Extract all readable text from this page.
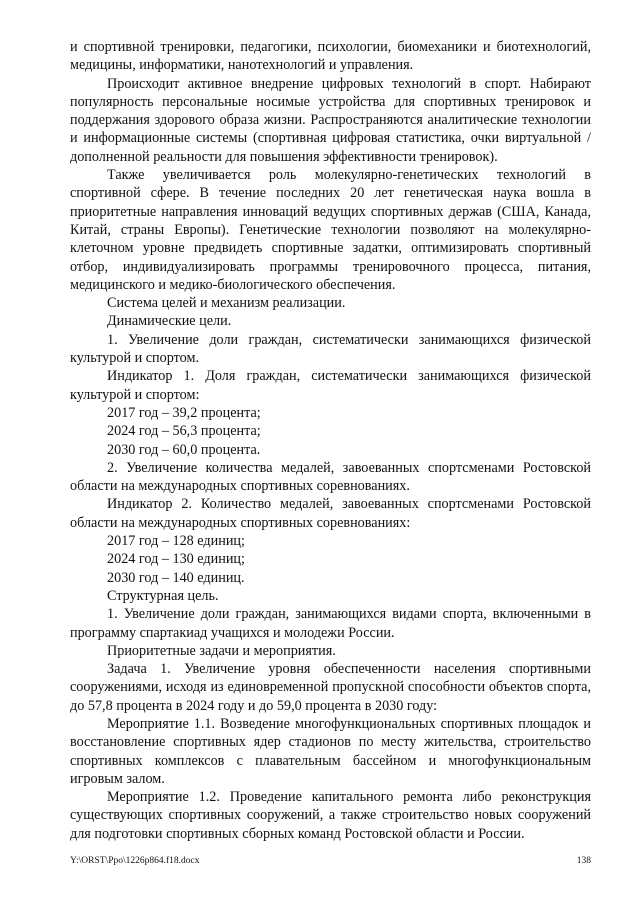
и спортивной тренировки, педагогики, психологии, биомеханики и биотехнологий, медицины, информатики, нанотехнологий и управления.

Происходит активное внедрение цифровых технологий в спорт. Набирают популярность персональные носимые устройства для спортивных тренировок и поддержания здорового образа жизни. Распространяются аналитические технологии и информационные системы (спортивная цифровая статистика, очки виртуальной / дополненной реальности для повышения эффективности тренировок).

Также увеличивается роль молекулярно-генетических технологий в спортивной сфере. В течение последних 20 лет генетическая наука вошла в приоритетные направления инноваций ведущих спортивных держав (США, Канада, Китай, страны Европы). Генетические технологии позволяют на молекулярно-клеточном уровне предвидеть спортивные задатки, оптимизировать спортивный отбор, индивидуализировать программы тренировочного процесса, питания, медицинского и медико-биологического обеспечения.

Система целей и механизм реализации.

Динамические цели.

1. Увеличение доли граждан, систематически занимающихся физической культурой и спортом.

Индикатор 1. Доля граждан, систематически занимающихся физической культурой и спортом:

2017 год – 39,2 процента;

2024 год – 56,3 процента;

2030 год – 60,0 процента.

2. Увеличение количества медалей, завоеванных спортсменами Ростовской области на международных спортивных соревнованиях.

Индикатор 2. Количество медалей, завоеванных спортсменами Ростовской области на международных спортивных соревнованиях:

2017 год – 128 единиц;

2024 год – 130 единиц;

2030 год – 140 единиц.

Структурная цель.

1. Увеличение доли граждан, занимающихся видами спорта, включенными в программу спартакиад учащихся и молодежи России.

Приоритетные задачи и мероприятия.

Задача 1. Увеличение уровня обеспеченности населения спортивными сооружениями, исходя из единовременной пропускной способности объектов спорта, до 57,8 процента в 2024 году и до 59,0 процента в 2030 году:

Мероприятие 1.1. Возведение многофункциональных спортивных площадок и восстановление спортивных ядер стадионов по месту жительства, строительство спортивных комплексов с плавательным бассейном и многофункциональным игровым залом.

Мероприятие 1.2. Проведение капитального ремонта либо реконструкция существующих спортивных сооружений, а также строительство новых сооружений для подготовки спортивных сборных команд Ростовской области и России.

Y:\ORST\Ppo\1226p864.f18.docx	138
